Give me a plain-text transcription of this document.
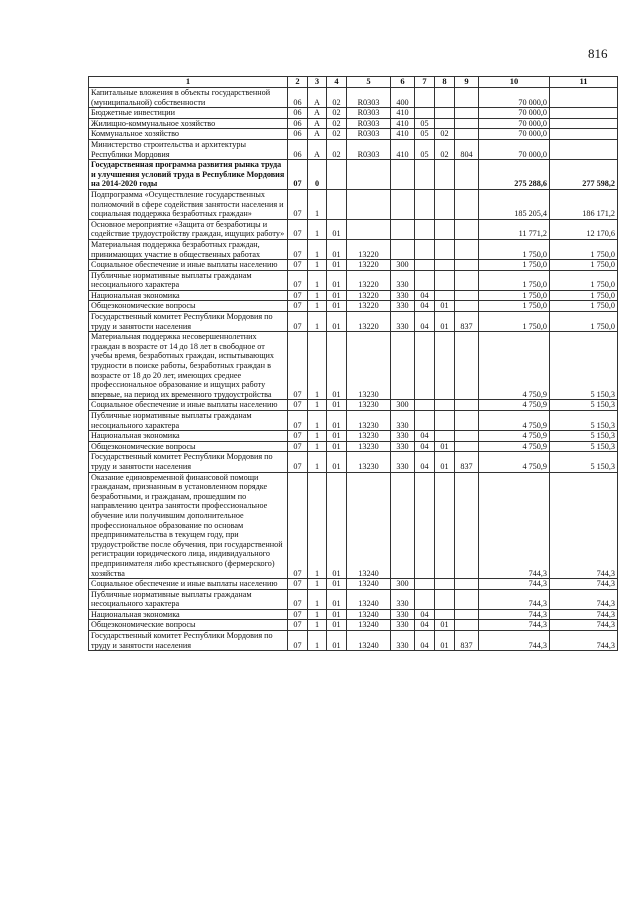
816
1	2	3	4	5	6	7	8	9	10	11
Капитальные вложения в объекты государственной (муниципальной) собственности	06	А	02	R0303	400				70 000,0	
Бюджетные инвестиции	06	А	02	R0303	410				70 000,0	
Жилищно-коммунальное хозяйство	06	А	02	R0303	410	05			70 000,0	
Коммунальное хозяйство	06	А	02	R0303	410	05	02		70 000,0	
Министерство строительства и архитектуры Республики Мордовия	06	А	02	R0303	410	05	02	804	70 000,0	
Государственная программа развития рынка труда и улучшения условий труда в Республике Мордовия на 2014-2020 годы	07	0							275 288,6	277 598,2
Подпрограмма «Осуществление государственных полномочий в сфере содействия занятости населения и социальная поддержка безработных граждан»	07	1							185 205,4	186 171,2
Основное мероприятие «Защита от безработицы и содействие трудоустройству граждан, ищущих работу»	07	1	01						11 771,2	12 170,6
Материальная поддержка безработных граждан, принимающих участие в общественных работах	07	1	01	13220					1 750,0	1 750,0
Социальное обеспечение и иные выплаты населению	07	1	01	13220	300				1 750,0	1 750,0
Публичные нормативные выплаты гражданам несоциального характера	07	1	01	13220	330				1 750,0	1 750,0
Национальная экономика	07	1	01	13220	330	04			1 750,0	1 750,0
Общеэкономические вопросы	07	1	01	13220	330	04	01		1 750,0	1 750,0
Государственный комитет Республики Мордовия по труду и занятости населения	07	1	01	13220	330	04	01	837	1 750,0	1 750,0
Материальная поддержка несовершеннолетних граждан в возрасте от 14 до 18 лет в свободное от учебы время, безработных граждан, испытывающих трудности в поиске работы, безработных граждан в возрасте от 18 до 20 лет, имеющих среднее профессиональное образование и ищущих работу впервые, на период их временного трудоустройства	07	1	01	13230					4 750,9	5 150,3
Социальное обеспечение и иные выплаты населению	07	1	01	13230	300				4 750,9	5 150,3
Публичные нормативные выплаты гражданам несоциального характера	07	1	01	13230	330				4 750,9	5 150,3
Национальная экономика	07	1	01	13230	330	04			4 750,9	5 150,3
Общеэкономические вопросы	07	1	01	13230	330	04	01		4 750,9	5 150,3
Государственный комитет Республики Мордовия по труду и занятости населения	07	1	01	13230	330	04	01	837	4 750,9	5 150,3
Оказание единовременной финансовой помощи гражданам, признанным в установленном порядке безработными, и гражданам, прошедшим по направлению центра занятости профессиональное обучение или получившим дополнительное профессиональное образование по основам предпринимательства в текущем году, при трудоустройстве после обучения, при государственной регистрации юридического лица, индивидуального предпринимателя либо крестьянского (фермерского) хозяйства	07	1	01	13240					744,3	744,3
Социальное обеспечение и иные выплаты населению	07	1	01	13240	300				744,3	744,3
Публичные нормативные выплаты гражданам несоциального характера	07	1	01	13240	330				744,3	744,3
Национальная экономика	07	1	01	13240	330	04			744,3	744,3
Общеэкономические вопросы	07	1	01	13240	330	04	01		744,3	744,3
Государственный комитет Республики Мордовия по труду и занятости населения	07	1	01	13240	330	04	01	837	744,3	744,3
